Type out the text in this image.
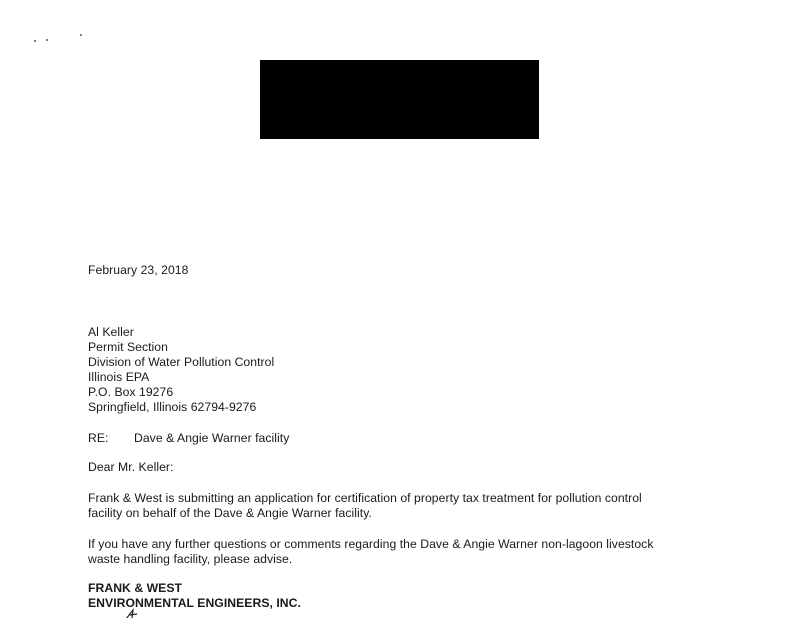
February 23, 2018
Al Keller
Permit Section
Division of Water Pollution Control
Illinois EPA
P.O. Box 19276
Springfield, Illinois 62794-9276
RE: Dave & Angie Warner facility
Dear Mr. Keller:
Frank & West is submitting an application for certification of property tax treatment for pollution control
facility on behalf of the Dave & Angie Warner facility.
If you have any further questions or comments regarding the Dave & Angie Warner non-lagoon livestock
waste handling facility, please advise.
FRANK & WEST
ENVIRONMENTAL ENGINEERS, INC.
